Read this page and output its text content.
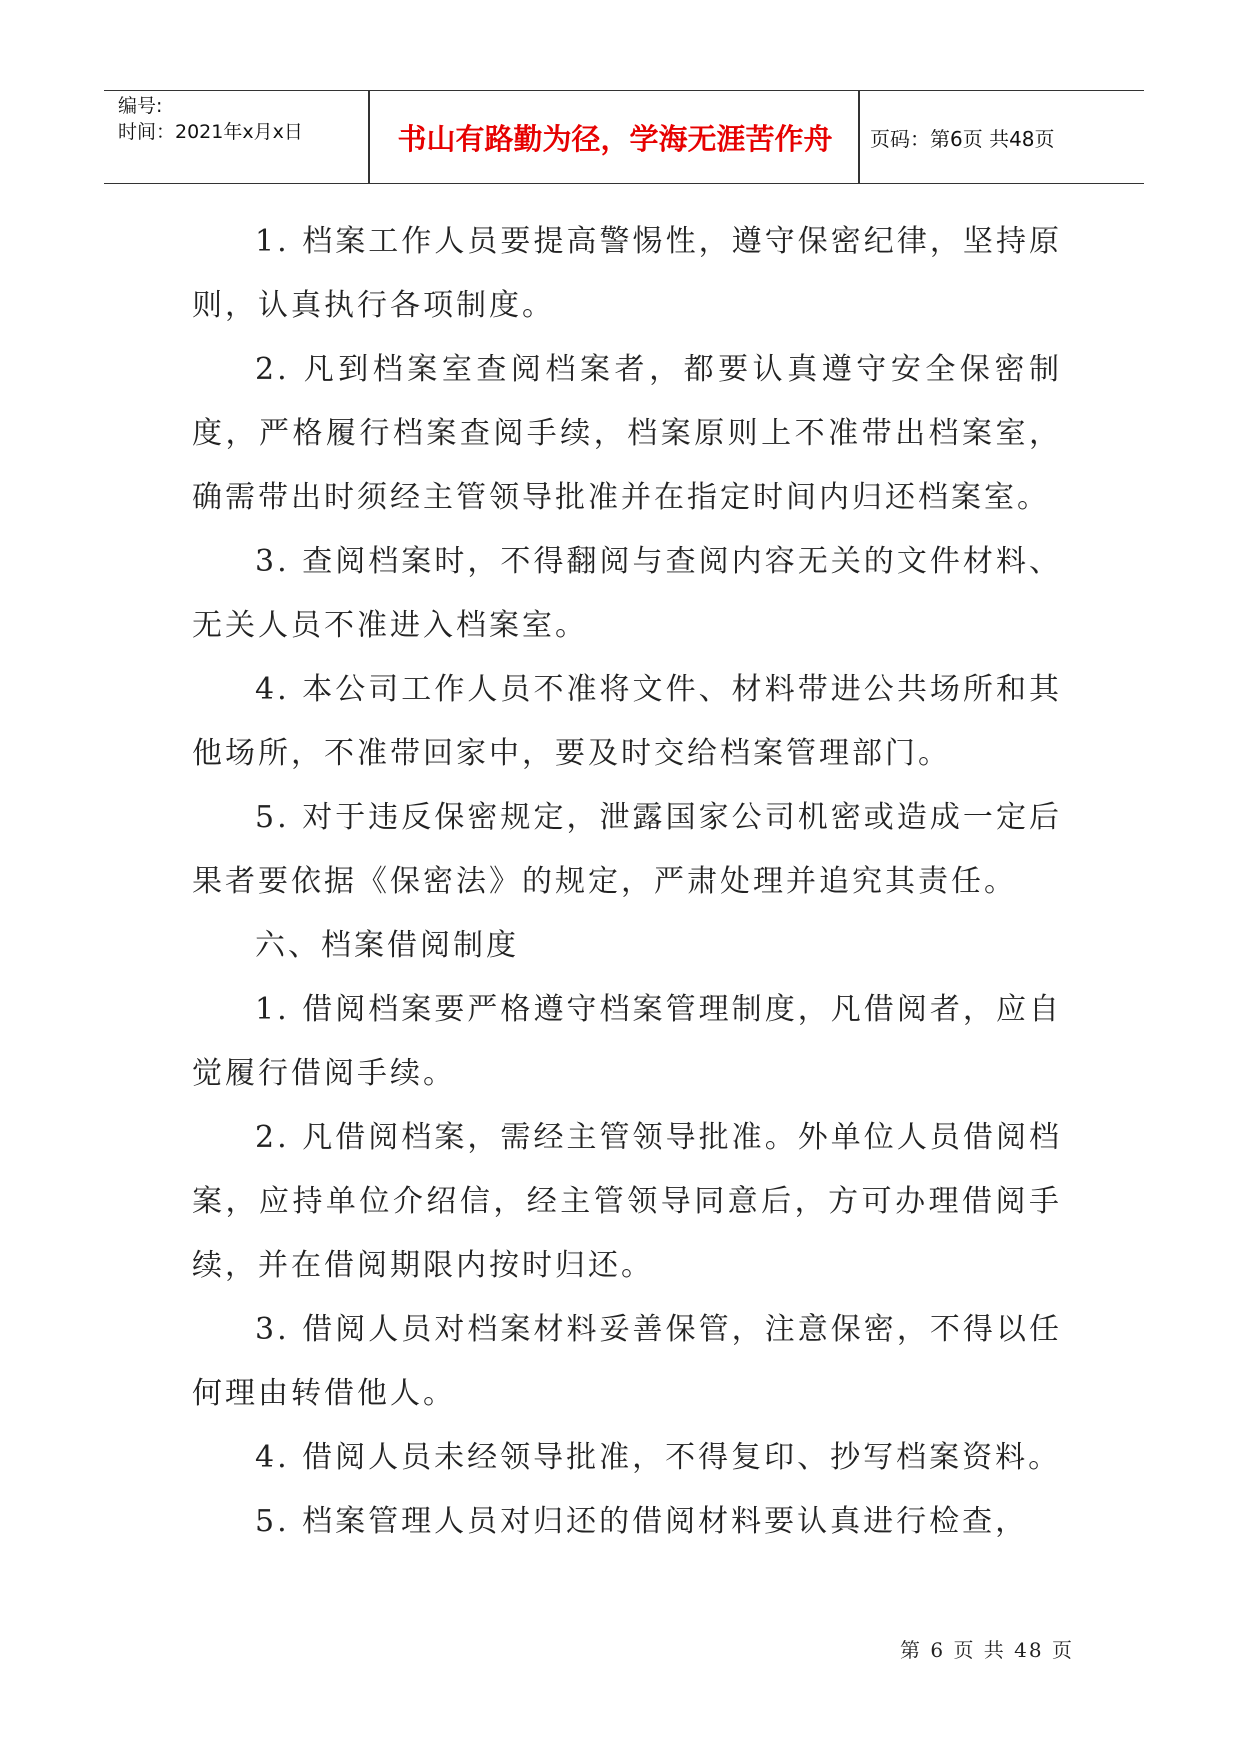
编号:
时间：2021年x月x日	书山有路勤为径，学海无涯苦作舟	页码：第6页 共48页

1. 档案工作人员要提高警惕性，遵守保密纪律，坚持原则，认真执行各项制度。

2. 凡到档案室查阅档案者，都要认真遵守安全保密制度，严格履行档案查阅手续，档案原则上不准带出档案室，确需带出时须经主管领导批准并在指定时间内归还档案室。

3. 查阅档案时，不得翻阅与查阅内容无关的文件材料、无关人员不准进入档案室。

4. 本公司工作人员不准将文件、材料带进公共场所和其他场所，不准带回家中，要及时交给档案管理部门。

5. 对于违反保密规定，泄露国家公司机密或造成一定后果者要依据《保密法》的规定，严肃处理并追究其责任。

六、档案借阅制度

1. 借阅档案要严格遵守档案管理制度，凡借阅者，应自觉履行借阅手续。

2. 凡借阅档案，需经主管领导批准。外单位人员借阅档案，应持单位介绍信，经主管领导同意后，方可办理借阅手续，并在借阅期限内按时归还。

3. 借阅人员对档案材料妥善保管，注意保密，不得以任何理由转借他人。

4. 借阅人员未经领导批准，不得复印、抄写档案资料。

5. 档案管理人员对归还的借阅材料要认真进行检查，

第 6 页 共 48 页
